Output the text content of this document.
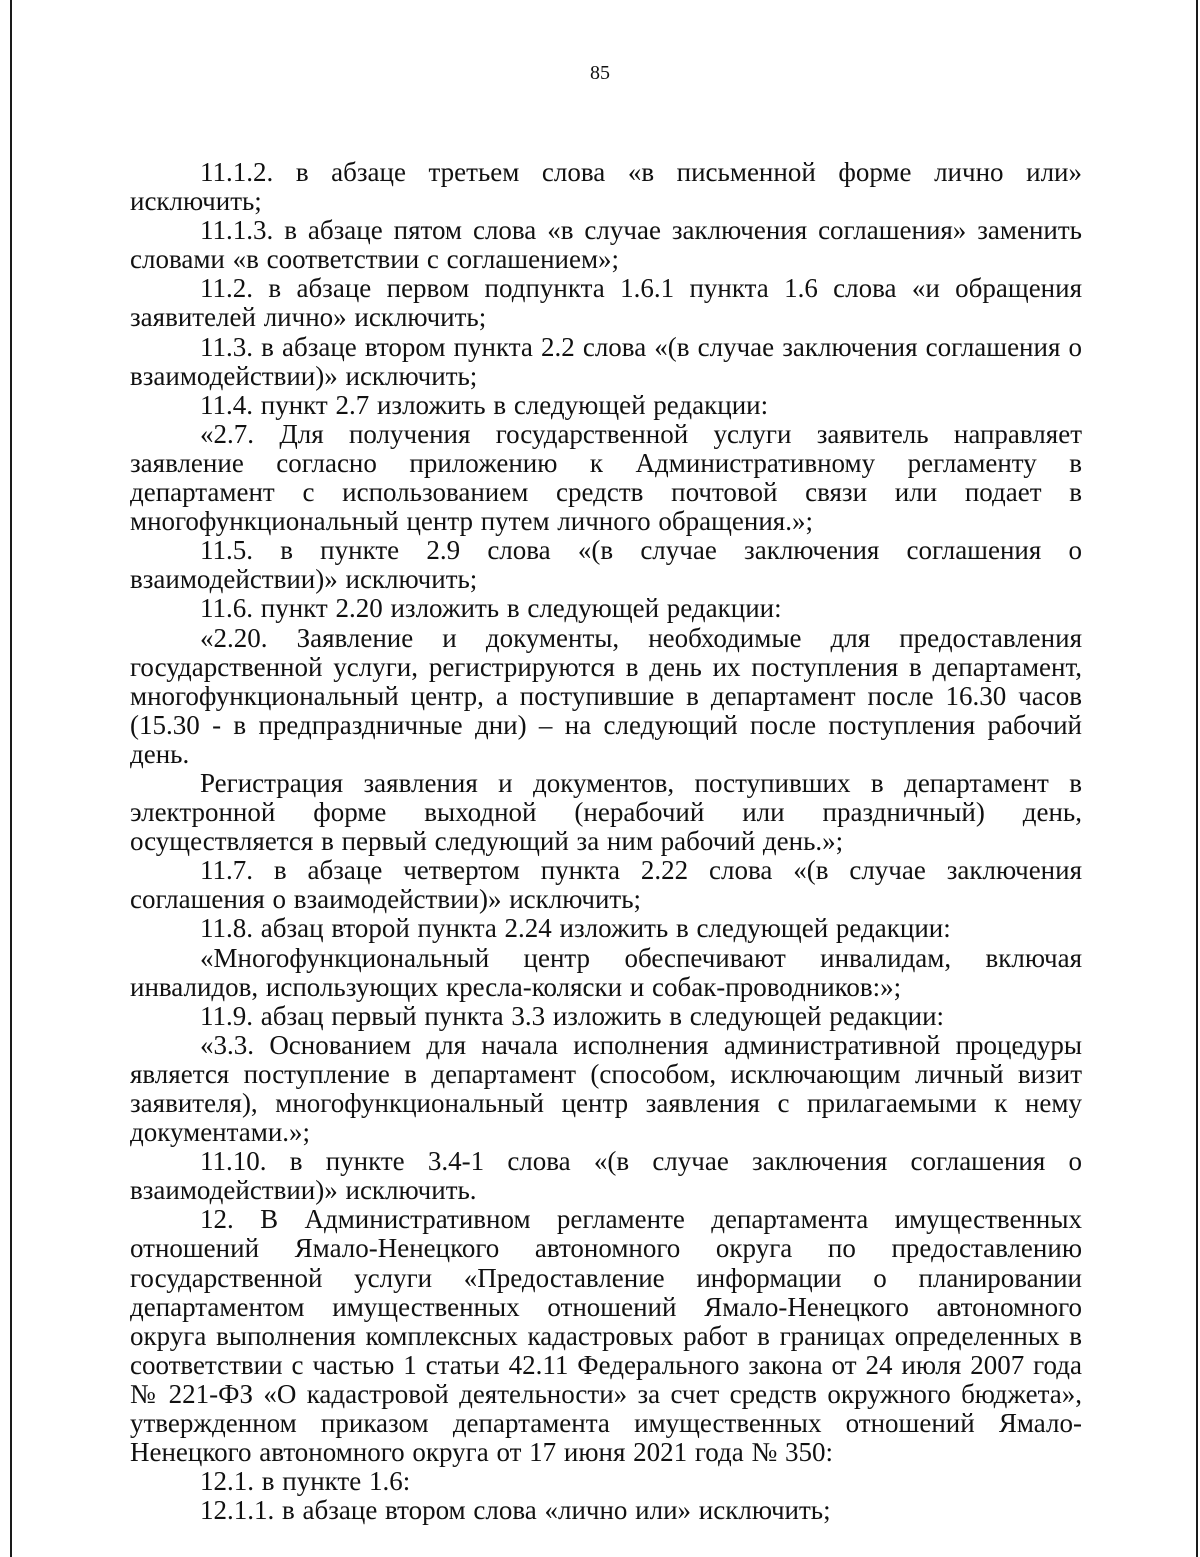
85

11.1.2. в абзаце третьем слова «в письменной форме лично или» исключить;

11.1.3. в абзаце пятом слова «в случае заключения соглашения» заменить словами «в соответствии с соглашением»;

11.2. в абзаце первом подпункта 1.6.1 пункта 1.6 слова «и обращения заявителей лично» исключить;

11.3. в абзаце втором пункта 2.2 слова «(в случае заключения соглашения о взаимодействии)» исключить;

11.4. пункт 2.7 изложить в следующей редакции:

«2.7. Для получения государственной услуги заявитель направляет заявление согласно приложению к Административному регламенту в департамент с использованием средств почтовой связи или подает в многофункциональный центр путем личного обращения.»;

11.5. в пункте 2.9 слова «(в случае заключения соглашения о взаимодействии)» исключить;

11.6. пункт 2.20 изложить в следующей редакции:

«2.20. Заявление и документы, необходимые для предоставления государственной услуги, регистрируются в день их поступления в департамент, многофункциональный центр, а поступившие в департамент после 16.30 часов (15.30 - в предпраздничные дни) – на следующий после поступления рабочий день.

Регистрация заявления и документов, поступивших в департамент в электронной форме выходной (нерабочий или праздничный) день, осуществляется в первый следующий за ним рабочий день.»;

11.7. в абзаце четвертом пункта 2.22 слова «(в случае заключения соглашения о взаимодействии)» исключить;

11.8. абзац второй пункта 2.24 изложить в следующей редакции:

«Многофункциональный центр обеспечивают инвалидам, включая инвалидов, использующих кресла-коляски и собак-проводников:»;

11.9. абзац первый пункта 3.3 изложить в следующей редакции:

«3.3. Основанием для начала исполнения административной процедуры является поступление в департамент (способом, исключающим личный визит заявителя), многофункциональный центр заявления с прилагаемыми к нему документами.»;

11.10. в пункте 3.4-1 слова «(в случае заключения соглашения о взаимодействии)» исключить.

12. В Административном регламенте департамента имущественных отношений Ямало-Ненецкого автономного округа по предоставлению государственной услуги «Предоставление информации о планировании департаментом имущественных отношений Ямало-Ненецкого автономного округа выполнения комплексных кадастровых работ в границах определенных в соответствии с частью 1 статьи 42.11 Федерального закона от 24 июля 2007 года № 221-ФЗ «О кадастровой деятельности» за счет средств окружного бюджета», утвержденном приказом департамента имущественных отношений Ямало-Ненецкого автономного округа от 17 июня 2021 года № 350:

12.1. в пункте 1.6:

12.1.1. в абзаце втором слова «лично или» исключить;
